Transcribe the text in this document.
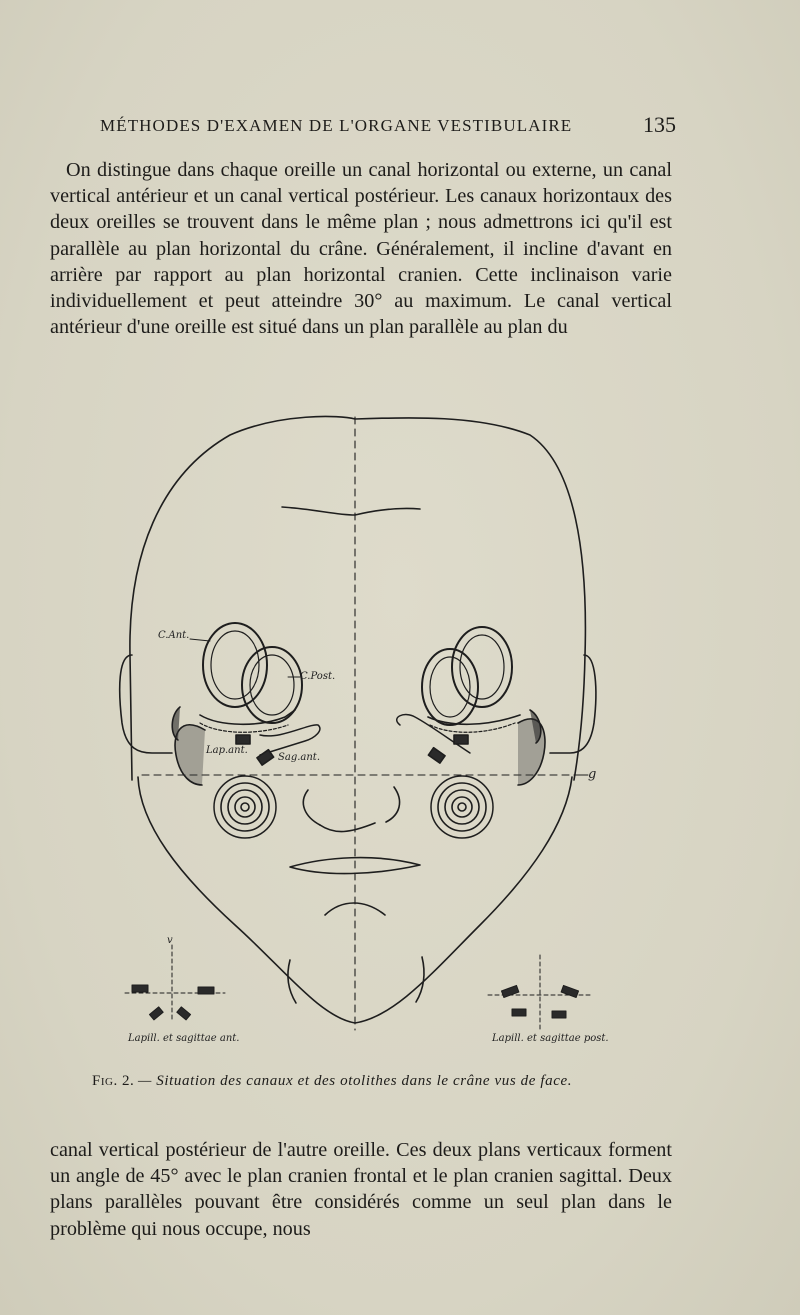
MÉTHODES D'EXAMEN DE L'ORGANE VESTIBULAIRE	135

On distingue dans chaque oreille un canal horizontal ou externe, un canal vertical antérieur et un canal vertical postérieur. Les canaux horizontaux des deux oreilles se trouvent dans le même plan ; nous admettrons ici qu'il est parallèle au plan horizontal du crâne. Généralement, il incline d'avant en arrière par rapport au plan horizontal cranien. Cette inclinaison varie individuellement et peut atteindre 30° au maximum. Le canal vertical antérieur d'une oreille est situé dans un plan parallèle au plan du

C.Ant.
C.Post.
Lap.ant.
Sag.ant.
g
v
Lapill. et sagittae ant.	Lapill. et sagittae post.
Fig. 2. — Situation des canaux et des otolithes dans le crâne vus de face.

canal vertical postérieur de l'autre oreille. Ces deux plans verticaux forment un angle de 45° avec le plan cranien frontal et le plan cranien sagittal. Deux plans parallèles pouvant être considérés comme un seul plan dans le problème qui nous occupe, nous
